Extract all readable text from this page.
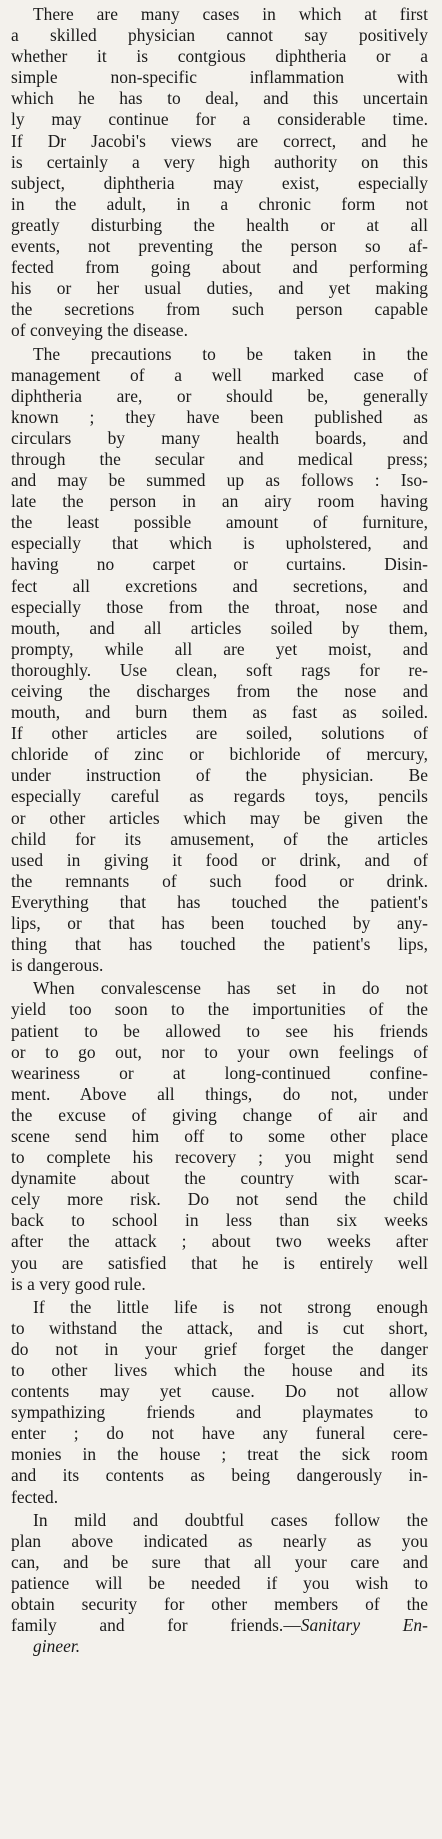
There are many cases in which at first
a skilled physician cannot say positively
whether it is contgious diphtheria or a
simple non-specific inflammation with
which he has to deal, and this uncertain
ly may continue for a considerable time.
If Dr Jacobi's views are correct, and he
is certainly a very high authority on this
subject, diphtheria may exist, especially
in the adult, in a chronic form not
greatly disturbing the health or at all
events, not preventing the person so af-
fected from going about and performing
his or her usual duties, and yet making
the secretions from such person capable
of conveying the disease.
The precautions to be taken in the
management of a well marked case of
diphtheria are, or should be, generally
known ; they have been published as
circulars by many health boards, and
through the secular and medical press;
and may be summed up as follows : Iso-
late the person in an airy room having
the least possible amount of furniture,
especially that which is upholstered, and
having no carpet or curtains. Disin-
fect all excretions and secretions, and
especially those from the throat, nose and
mouth, and all articles soiled by them,
prompty, while all are yet moist, and
thoroughly. Use clean, soft rags for re-
ceiving the discharges from the nose and
mouth, and burn them as fast as soiled.
If other articles are soiled, solutions of
chloride of zinc or bichloride of mercury,
under instruction of the physician. Be
especially careful as regards toys, pencils
or other articles which may be given the
child for its amusement, of the articles
used in giving it food or drink, and of
the remnants of such food or drink.
Everything that has touched the patient's
lips, or that has been touched by any-
thing that has touched the patient's lips,
is dangerous.
When convalescense has set in do not
yield too soon to the importunities of the
patient to be allowed to see his friends
or to go out, nor to your own feelings of
weariness or at long-continued confine-
ment. Above all things, do not, under
the excuse of giving change of air and
scene send him off to some other place
to complete his recovery ; you might send
dynamite about the country with scar-
cely more risk. Do not send the child
back to school in less than six weeks
after the attack ; about two weeks after
you are satisfied that he is entirely well
is a very good rule.
If the little life is not strong enough
to withstand the attack, and is cut short,
do not in your grief forget the danger
to other lives which the house and its
contents may yet cause. Do not allow
sympathizing friends and playmates to
enter ; do not have any funeral cere-
monies in the house ; treat the sick room
and its contents as being dangerously in-
fected.
In mild and doubtful cases follow the
plan above indicated as nearly as you
can, and be sure that all your care and
patience will be needed if you wish to
obtain security for other members of the
family and for friends.—Sanitary En-
gineer.
